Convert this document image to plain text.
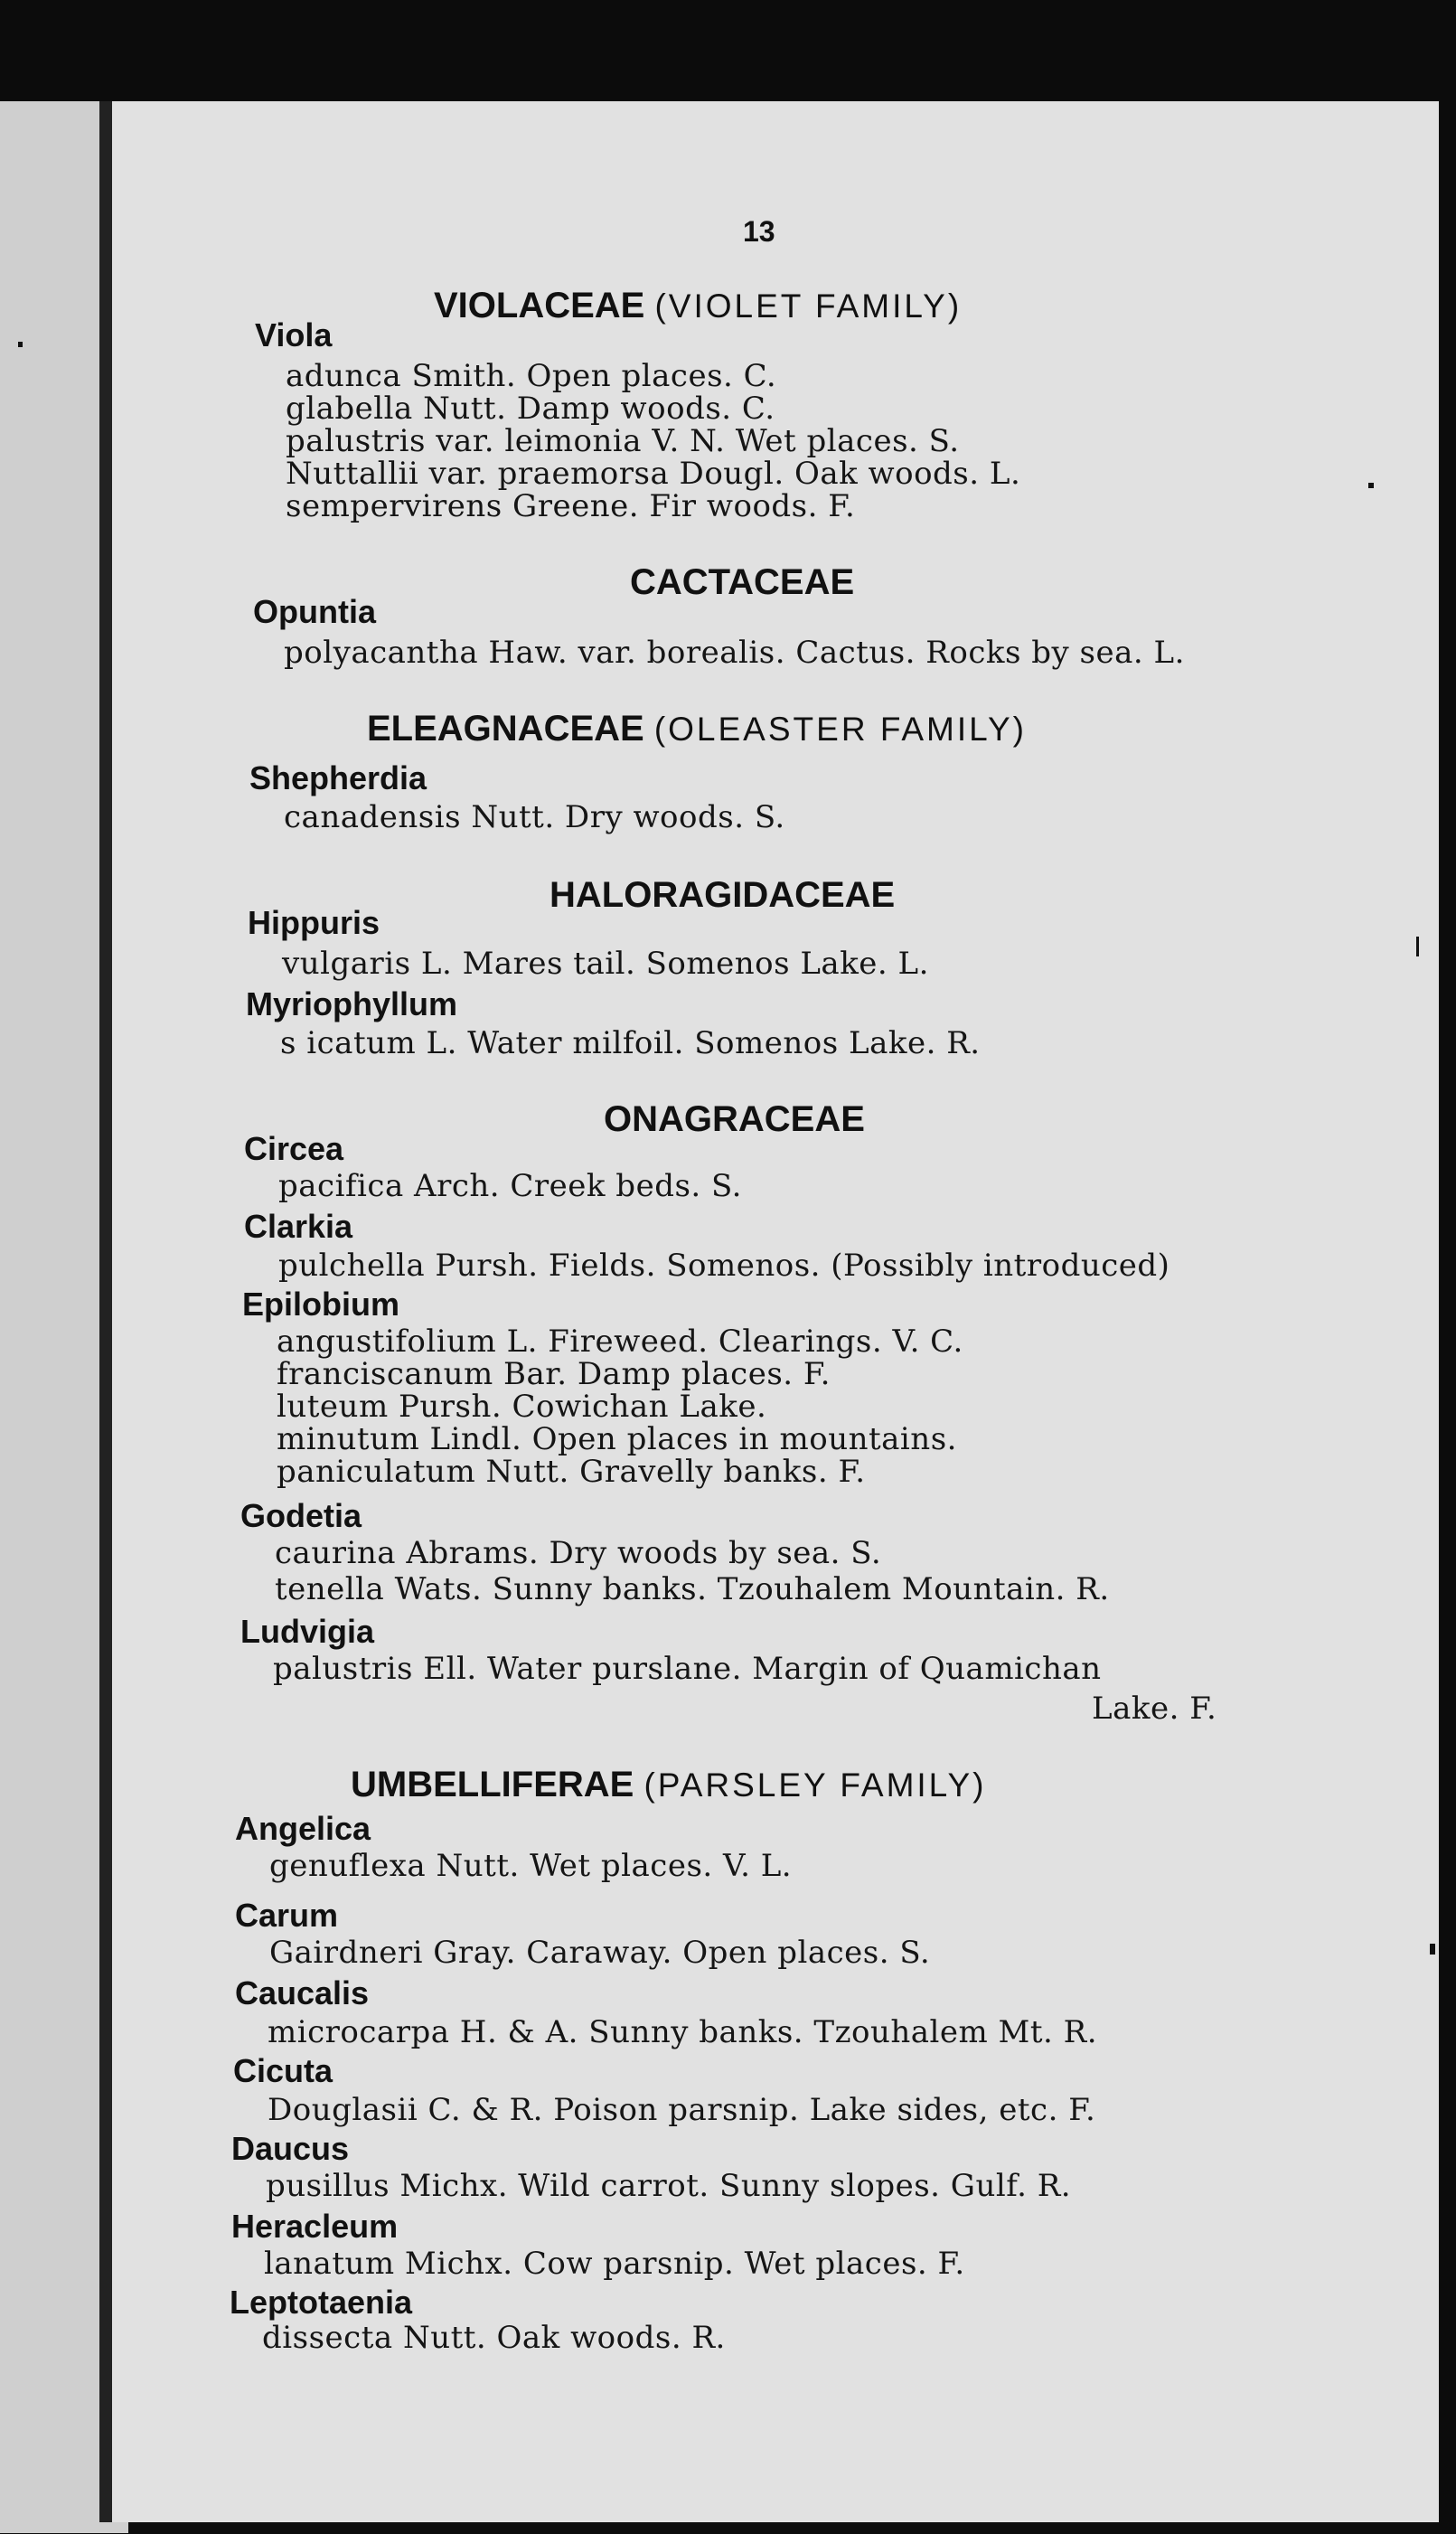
13
VIOLACEAE (VIOLET FAMILY)
Viola
adunca Smith. Open places. C.
glabella Nutt. Damp woods. C.
palustris var. leimonia V. N. Wet places. S.
Nuttallii var. praemorsa Dougl. Oak woods. L.
sempervirens Greene. Fir woods. F.
CACTACEAE
Opuntia
polyacantha Haw. var. borealis. Cactus. Rocks by sea. L.
ELEAGNACEAE (OLEASTER FAMILY)
Shepherdia
canadensis Nutt. Dry woods. S.
HALORAGIDACEAE
Hippuris
vulgaris L. Mares tail. Somenos Lake. L.
Myriophyllum
s icatum L. Water milfoil. Somenos Lake. R.
ONAGRACEAE
Circea
pacifica Arch. Creek beds. S.
Clarkia
pulchella Pursh. Fields. Somenos. (Possibly introduced)
Epilobium
angustifolium L. Fireweed. Clearings. V. C.
franciscanum Bar. Damp places. F.
luteum Pursh. Cowichan Lake.
minutum Lindl. Open places in mountains.
paniculatum Nutt. Gravelly banks. F.
Godetia
caurina Abrams. Dry woods by sea. S.
tenella Wats. Sunny banks. Tzouhalem Mountain. R.
Ludvigia
palustris Ell. Water purslane. Margin of Quamichan
Lake. F.
UMBELLIFERAE (PARSLEY FAMILY)
Angelica
genuflexa Nutt. Wet places. V. L.
Carum
Gairdneri Gray. Caraway. Open places. S.
Caucalis
microcarpa H. & A. Sunny banks. Tzouhalem Mt. R.
Cicuta
Douglasii C. & R. Poison parsnip. Lake sides, etc. F.
Daucus
pusillus Michx. Wild carrot. Sunny slopes. Gulf. R.
Heracleum
lanatum Michx. Cow parsnip. Wet places. F.
Leptotaenia
dissecta Nutt. Oak woods. R.
